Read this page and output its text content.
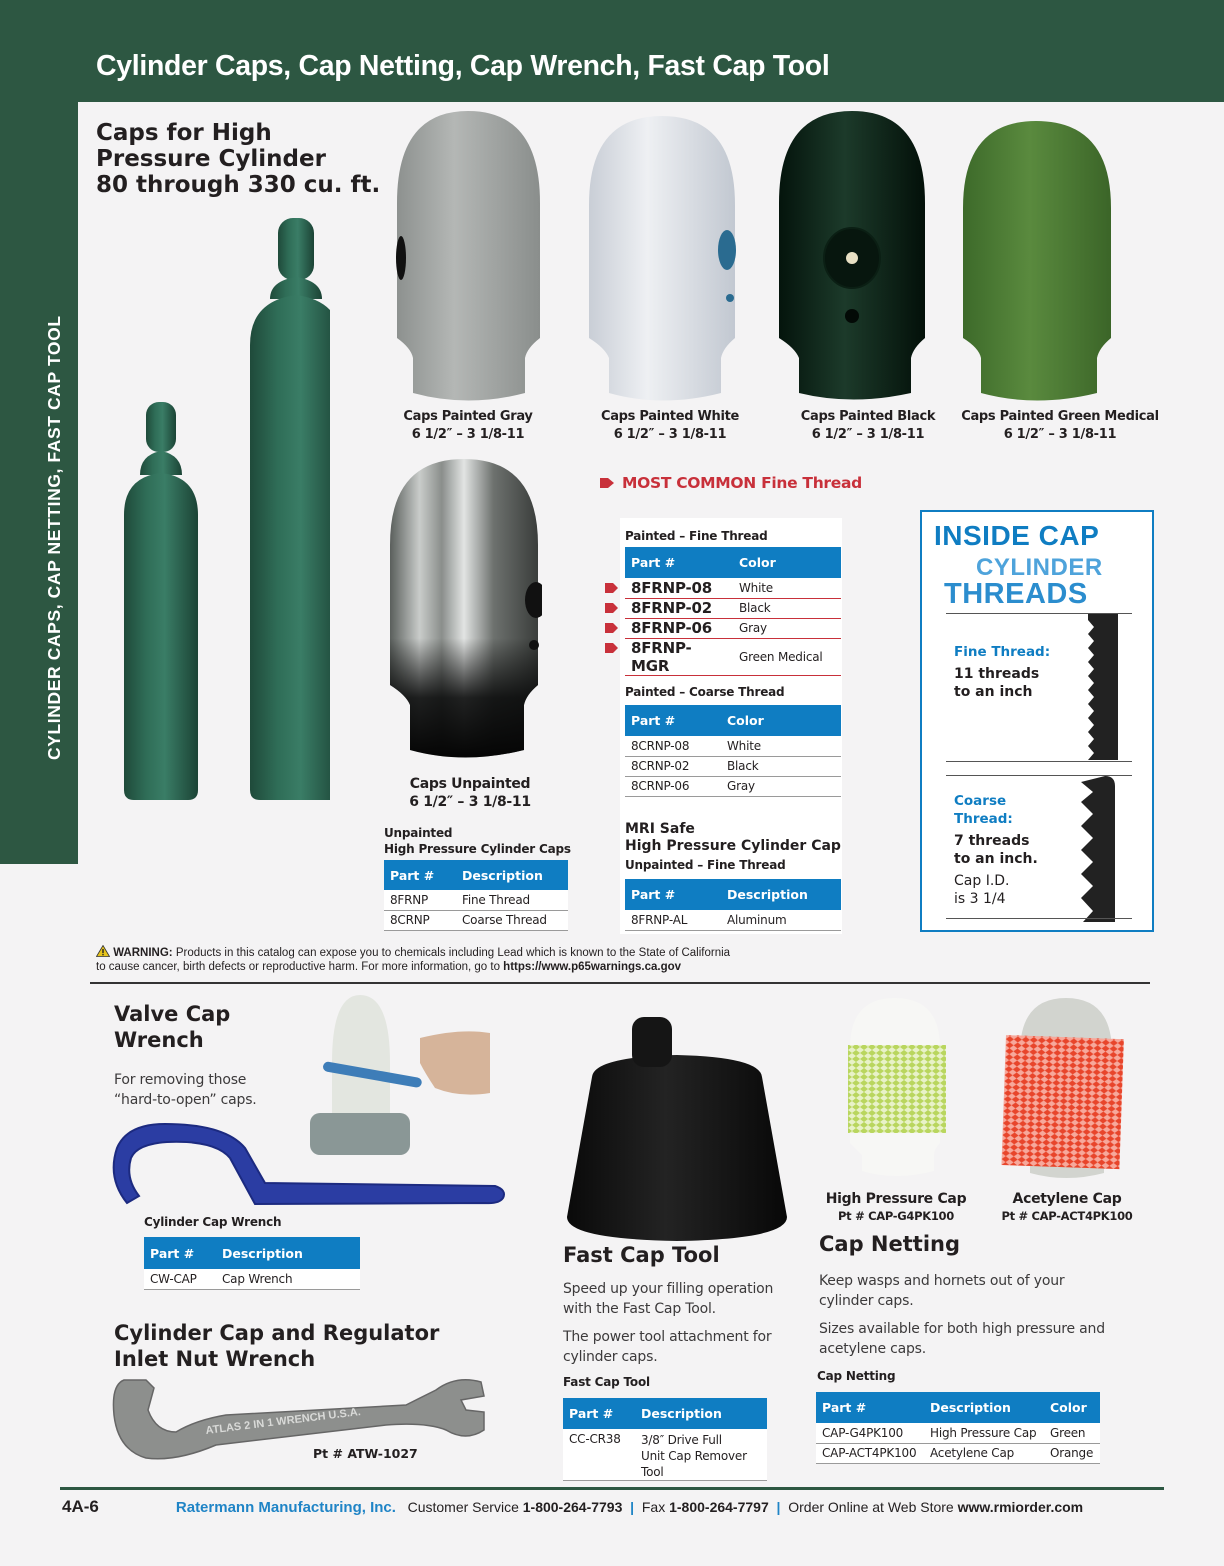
Cylinder Caps, Cap Netting, Cap Wrench, Fast Cap Tool
CYLINDER CAPS, CAP NETTING, FAST CAP TOOL
Caps for High
Pressure Cylinder
80 through 330 cu. ft.
Caps Painted Gray
6 1/2″ – 3 1/8-11
Caps Painted White
6 1/2″ – 3 1/8-11
Caps Painted Black
6 1/2″ – 3 1/8-11
Caps Painted Green Medical
6 1/2″ – 3 1/8-11
Caps Unpainted
6 1/2″ – 3 1/8-11
Unpainted
High Pressure Cylinder Caps
Part #	Description
8FRNP	Fine Thread
8CRNP	Coarse Thread
MOST COMMON Fine Thread
Painted – Fine Thread
Part #	Color
8FRNP-08	White
8FRNP-02	Black
8FRNP-06	Gray
8FRNP-MGR	Green Medical
Painted – Coarse Thread
Part #	Color
8CRNP-08	White
8CRNP-02	Black
8CRNP-06	Gray
MRI Safe
High Pressure Cylinder Cap
Unpainted – Fine Thread
Part #	Description
8FRNP-AL	Aluminum
INSIDE CAP
CYLINDER
THREADS
Fine Thread:
11 threads
to an inch
Coarse
Thread:
7 threads
to an inch.
Cap I.D.
is 3 1/4
WARNING: Products in this catalog can expose you to chemicals including Lead which is known to the State of California
to cause cancer, birth defects or reproductive harm. For more information, go to https://www.p65warnings.ca.gov
Valve Cap
Wrench
For removing those
“hard-to-open” caps.
Cylinder Cap Wrench
Part #	Description
CW-CAP	Cap Wrench
Cylinder Cap and Regulator
Inlet Nut Wrench
ATLAS 2 IN 1 WRENCH U.S.A.
Pt # ATW-1027
Fast Cap Tool
Speed up your filling operation
with the Fast Cap Tool.
The power tool attachment for
cylinder caps.
Fast Cap Tool
Part #	Description
CC-CR38	3/8″ Drive Full
Unit Cap Remover Tool
High Pressure Cap
Pt # CAP-G4PK100
Acetylene Cap
Pt # CAP-ACT4PK100
Cap Netting
Keep wasps and hornets out of your
cylinder caps.
Sizes available for both high pressure and
acetylene caps.
Cap Netting
Part #	Description	Color
CAP-G4PK100	High Pressure Cap	Green
CAP-ACT4PK100	Acetylene Cap	Orange
4A-6	Ratermann Manufacturing, Inc. Customer Service 1-800-264-7793  |  Fax 1-800-264-7797  |  Order Online at Web Store www.rmiorder.com
